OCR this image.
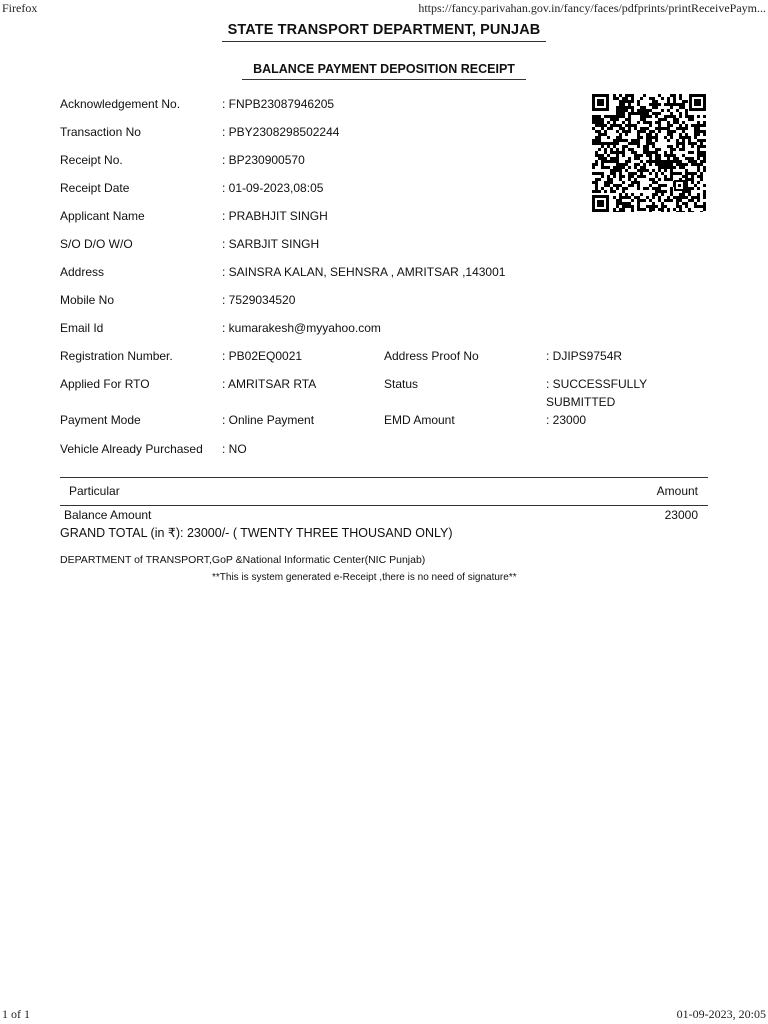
Firefox	https://fancy.parivahan.gov.in/fancy/faces/pdfprints/printReceivePaym...
STATE TRANSPORT DEPARTMENT, PUNJAB
BALANCE PAYMENT DEPOSITION RECEIPT
Acknowledgement No.	: FNPB23087946205
Transaction No	: PBY2308298502244
Receipt No.	: BP230900570
Receipt Date	: 01-09-2023,08:05
Applicant Name	: PRABHJIT SINGH
S/O D/O W/O	: SARBJIT SINGH
Address	: SAINSRA KALAN, SEHNSRA , AMRITSAR ,143001
Mobile No	: 7529034520
Email Id	: kumarakesh@myyahoo.com
Registration Number.	: PB02EQ0021	Address Proof No	: DJIPS9754R
Applied For RTO	: AMRITSAR RTA	Status	: SUCCESSFULLY
SUBMITTED
Payment Mode	: Online Payment	EMD Amount	: 23000
Vehicle Already Purchased : NO
Particular	Amount
Balance Amount	23000
GRAND TOTAL (in ₹): 23000/- ( TWENTY THREE THOUSAND ONLY)
DEPARTMENT of TRANSPORT,GoP &National Informatic Center(NIC Punjab)
**This is system generated e-Receipt ,there is no need of signature**
1 of 1	01-09-2023, 20:05
